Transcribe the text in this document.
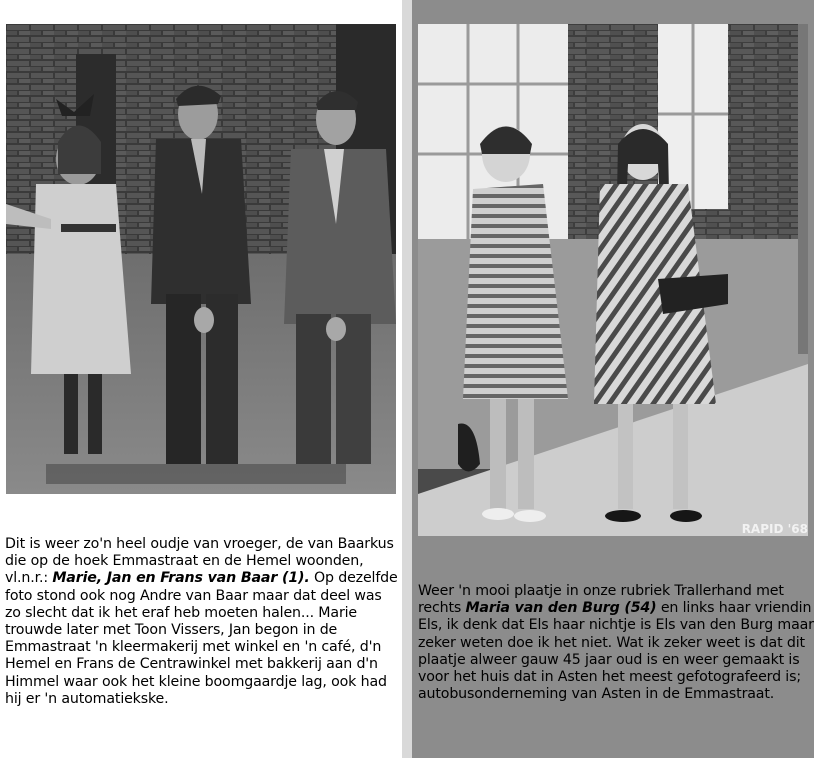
Dit is weer zo'n heel oudje van vroeger, de van Baarkus die op de hoek Emmastraat en de Hemel woonden, vl.n.r.: Marie, Jan en Frans van Baar (1). Op dezelfde foto stond ook nog Andre van Baar maar dat deel was zo slecht dat ik het eraf heb moeten halen... Marie trouwde later met Toon Vissers, Jan begon in de Emmastraat 'n kleermakerij met winkel en 'n café, d'n Hemel en Frans de Centrawinkel met bakkerij aan d'n Himmel waar ook het kleine boomgaardje lag, ook had hij er 'n automatiekske.

RAPID '68

Weer 'n mooi plaatje in onze rubriek Trallerhand met rechts Maria van den Burg (54) en links haar vriendin Els, ik denk dat Els haar nichtje is Els van den Burg maar zeker weten doe ik het niet. Wat ik zeker weet is dat dit plaatje alweer gauw 45 jaar oud is en weer gemaakt is voor het huis dat in Asten het meest gefotografeerd is; autobusonderneming van Asten in de Emmastraat.
